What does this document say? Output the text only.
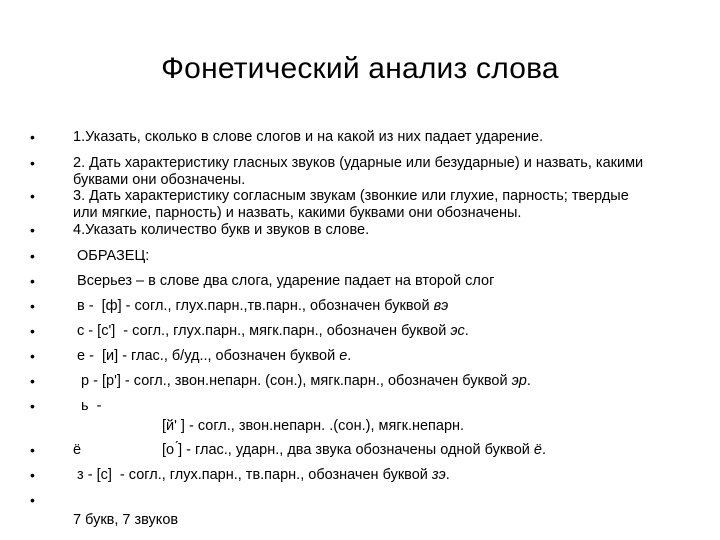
Фонетический анализ слова
•	1.Указать, сколько в слове слогов и на какой из них падает ударение.
•	2. Дать характеристику гласных звуков (ударные или безударные) и назвать, какими буквами они обозначены.
•	3. Дать характеристику согласным звукам (звонкие или глухие, парность; твердые или мягкие, парность) и назвать, какими буквами они обозначены.
•	4.Указать количество букв и звуков в слове.
•	ОБРАЗЕЦ:
•	Всерьез – в слове два слога, ударение падает на второй слог
•	в -  [ф] - согл., глух.парн.,тв.парн., обозначен буквой вэ
•	с - [с']  - согл., глух.парн., мягк.парн., обозначен буквой эс.
•	е -  [и] - глас., б/уд.., обозначен буквой е.
•	р - [р'] - согл., звон.непарн. (сон.), мягк.парн., обозначен буквой эр.
•	ь  -
[й' ] - согл., звон.непарн. .(сон.), мягк.непарн.
•	ё	[о ́] - глас., ударн., два звука обозначены одной буквой ё.
•	з - [с]  - согл., глух.парн., тв.парн., обозначен буквой зэ.
•
7 букв, 7 звуков
